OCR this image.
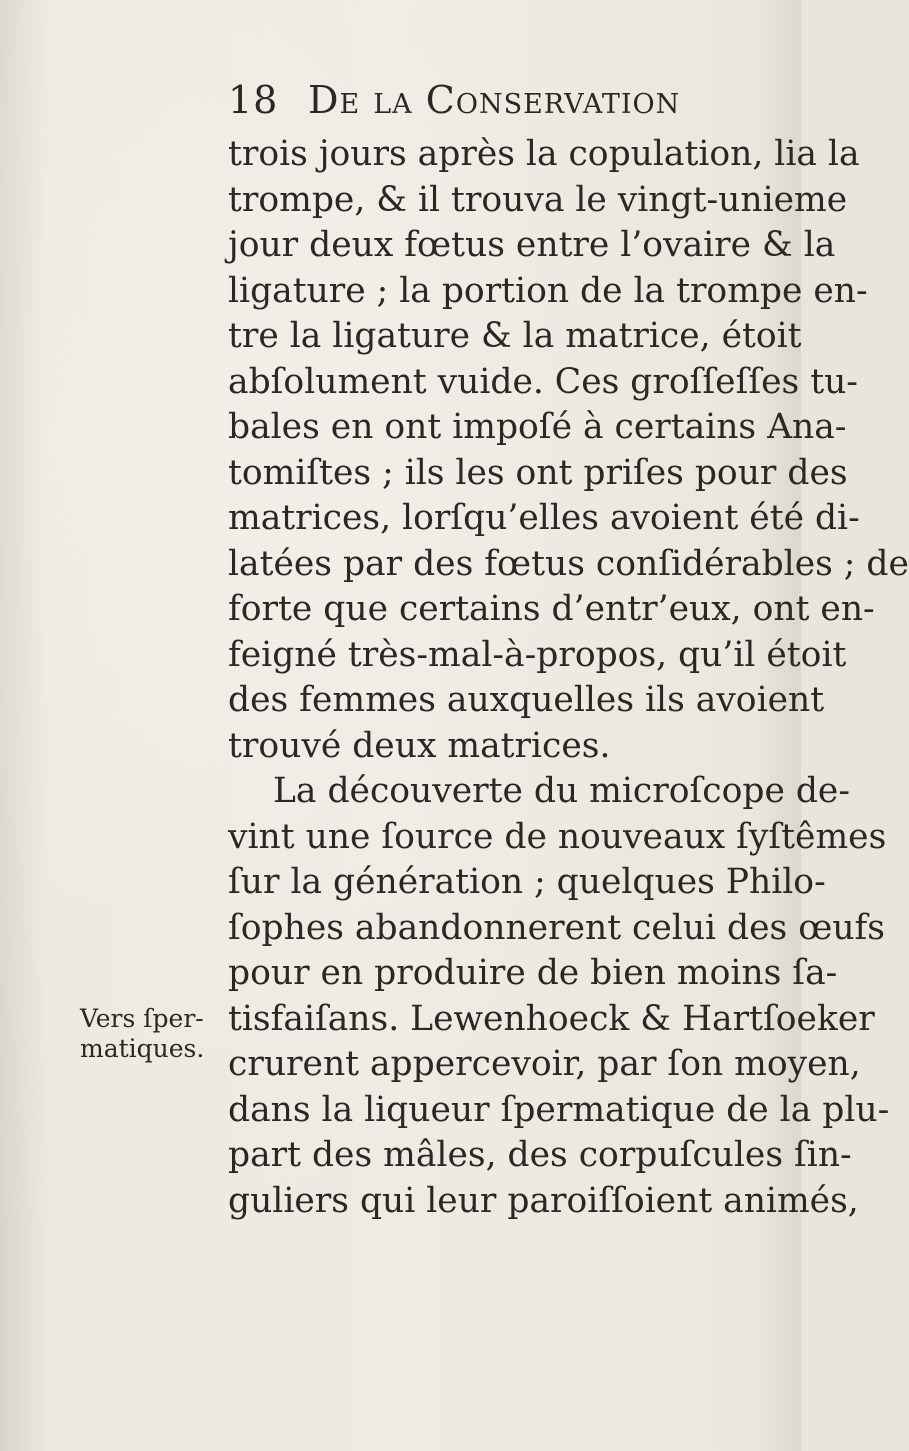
18 De la Conservation
trois jours après la copulation, lia la
trompe, & il trouva le vingt-unieme
jour deux fœtus entre l’ovaire & la
ligature ; la portion de la trompe en-
tre la ligature & la matrice, étoit
abſolument vuide. Ces groſſeſſes tu-
bales en ont impoſé à certains Ana-
tomiſtes ; ils les ont priſes pour des
matrices, lorſqu’elles avoient été di-
latées par des fœtus conſidérables ; de
forte que certains d’entr’eux, ont en-
feigné très-mal-à-propos, qu’il étoit
des femmes auxquelles ils avoient
trouvé deux matrices.
La découverte du microſcope de-
vint une ſource de nouveaux ſyſtêmes
ſur la génération ; quelques Philo-
ſophes abandonnerent celui des œufs
pour en produire de bien moins ſa-
tisfaiſans. Lewenhoeck & Hartſoeker
crurent appercevoir, par ſon moyen,
dans la liqueur ſpermatique de la plu-
part des mâles, des corpuſcules ſin-
guliers qui leur paroiſſoient animés,
Vers ſper-
matiques.
